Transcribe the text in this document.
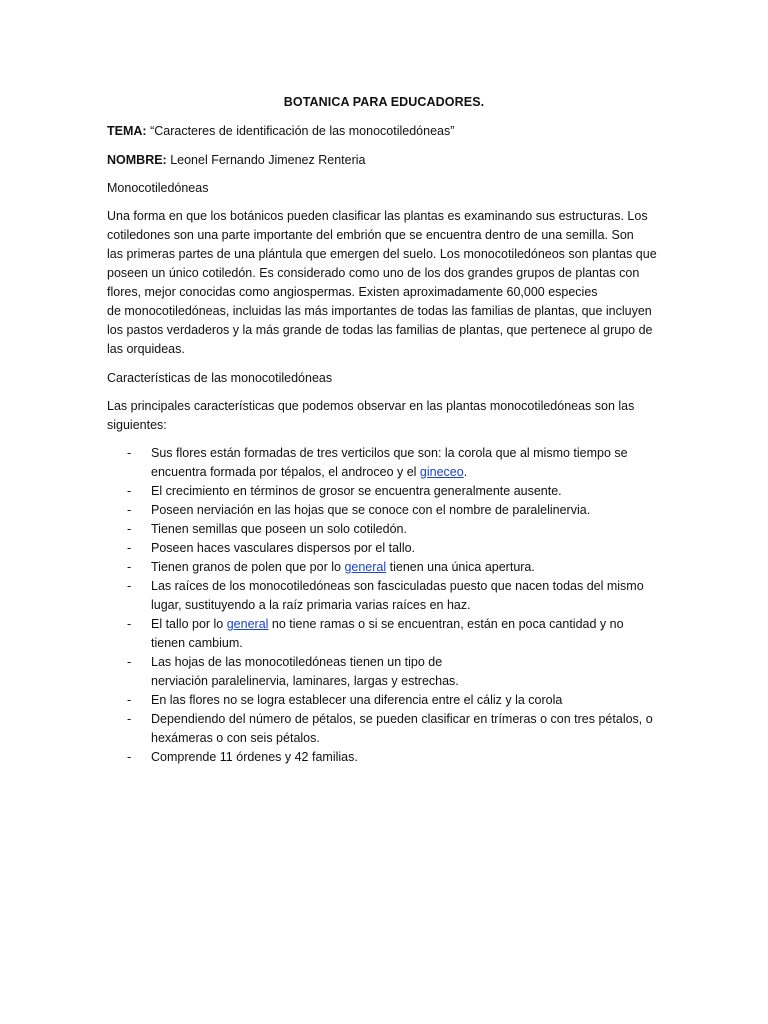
BOTANICA PARA EDUCADORES.
TEMA: “Caracteres de identificación de las monocotiledóneas”
NOMBRE: Leonel Fernando Jimenez Renteria
Monocotiledóneas
Una forma en que los botánicos pueden clasificar las plantas es examinando sus estructuras. Los
cotiledones son una parte importante del embrión que se encuentra dentro de una semilla. Son
las primeras partes de una plántula que emergen del suelo. Los monocotiledóneos son plantas que
poseen un único cotiledón. Es considerado como uno de los dos grandes grupos de plantas con
flores, mejor conocidas como angiospermas. Existen aproximadamente 60,000 especies
de monocotiledóneas, incluidas las más importantes de todas las familias de plantas, que incluyen
los pastos verdaderos y la más grande de todas las familias de plantas, que pertenece al grupo de
las orquideas.
Características de las monocotiledóneas
Las principales características que podemos observar en las plantas monocotiledóneas son las
siguientes:
- Sus flores están formadas de tres verticilos que son: la corola que al mismo tiempo se
encuentra formada por tépalos, el androceo y el gineceo.
- El crecimiento en términos de grosor se encuentra generalmente ausente.
- Poseen nerviación en las hojas que se conoce con el nombre de paralelinervia.
- Tienen semillas que poseen un solo cotiledón.
- Poseen haces vasculares dispersos por el tallo.
- Tienen granos de polen que por lo general tienen una única apertura.
- Las raíces de los monocotiledóneas son fasciculadas puesto que nacen todas del mismo
lugar, sustituyendo a la raíz primaria varias raíces en haz.
- El tallo por lo general no tiene ramas o si se encuentran, están en poca cantidad y no
tienen cambium.
- Las hojas de las monocotiledóneas tienen un tipo de
nerviación paralelinervia, laminares, largas y estrechas.
- En las flores no se logra establecer una diferencia entre el cáliz y la corola
- Dependiendo del número de pétalos, se pueden clasificar en trímeras o con tres pétalos, o
hexámeras o con seis pétalos.
- Comprende 11 órdenes y 42 familias.
